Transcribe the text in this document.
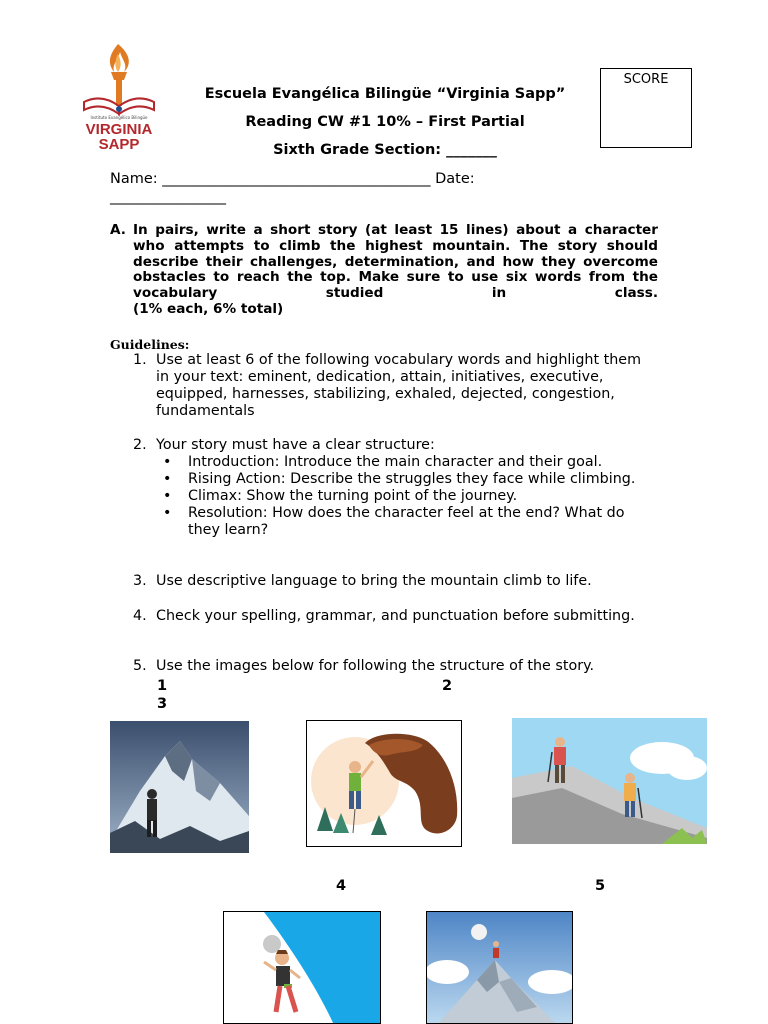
Instituto Evangélico Bilingüe
VIRGINIA
SAPP
Escuela Evangélica Bilingüe “Virginia Sapp”
Reading CW #1 10% – First Partial
Sixth Grade Section: _______
SCORE
Name: _____________________________________ Date:
________________
A. In pairs, write a short story (at least 15 lines) about a character who attempts to climb the highest mountain. The story should describe their challenges, determination, and how they overcome obstacles to reach the top. Make sure to use six words from the vocabulary studied in class.
(1% each, 6% total)
Guidelines:
1. Use at least 6 of the following vocabulary words and highlight them in your text: eminent, dedication, attain, initiatives, executive, equipped, harnesses, stabilizing, exhaled, dejected, congestion, fundamentals
2. Your story must have a clear structure:
• Introduction: Introduce the main character and their goal.
• Rising Action: Describe the struggles they face while climbing.
• Climax: Show the turning point of the journey.
• Resolution: How does the character feel at the end? What do they learn?
3. Use descriptive language to bring the mountain climb to life.
4. Check your spelling, grammar, and punctuation before submitting.
5. Use the images below for following the structure of the story.
1	2
3
4	5
